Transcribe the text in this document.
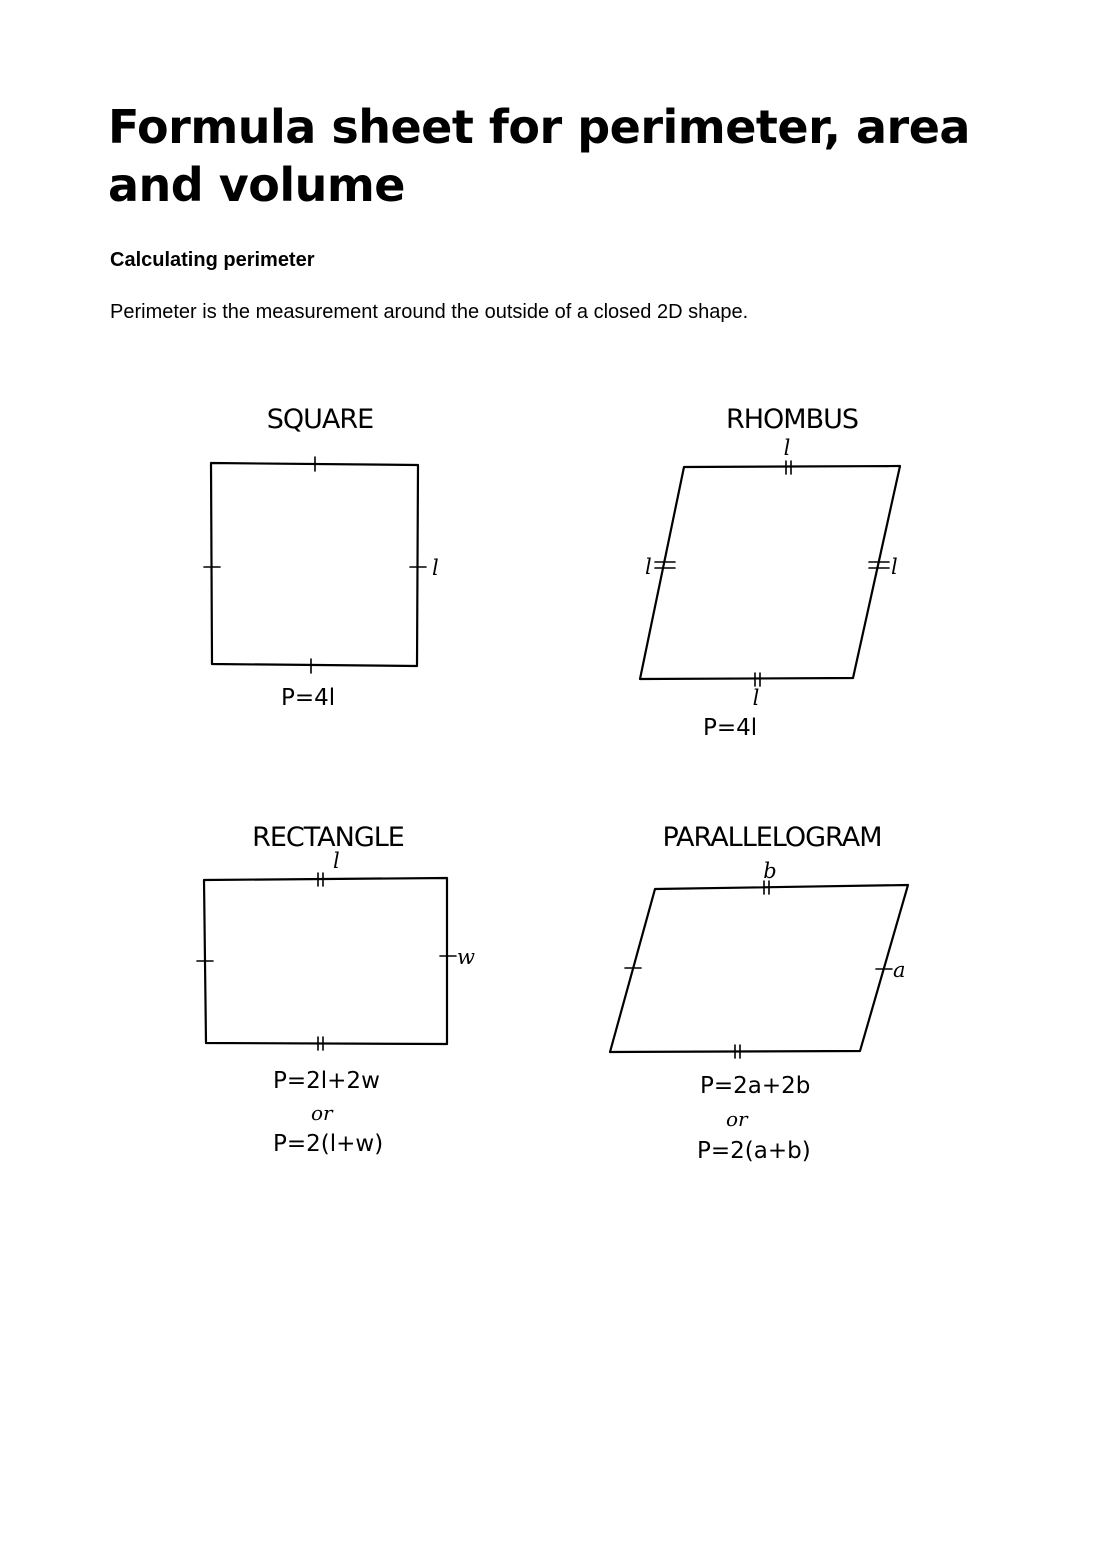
Formula sheet for perimeter, area and volume
Calculating perimeter

Perimeter is the measurement around the outside of a closed 2D shape.

SQUARE
l
P=4l
RHOMBUS
l
l	l
l
P=4l
RECTANGLE
l
w
P=2l+2w
or
P=2(l+w)
PARALLELOGRAM
b
a
P=2a+2b
or
P=2(a+b)
